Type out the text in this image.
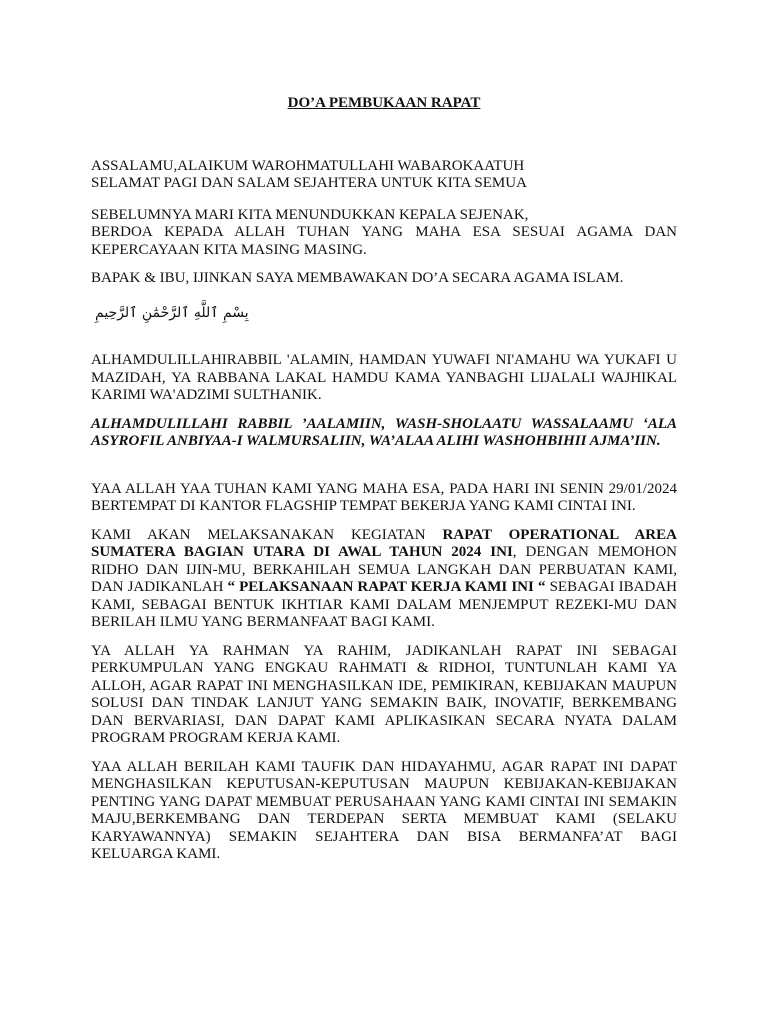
DO’A PEMBUKAAN RAPAT

ASSALAMU,ALAIKUM WAROHMATULLAHI WABAROKAATUH
SELAMAT PAGI DAN SALAM SEJAHTERA UNTUK KITA SEMUA

SEBELUMNYA MARI KITA MENUNDUKKAN KEPALA SEJENAK,
BERDOA KEPADA ALLAH TUHAN YANG MAHA ESA SESUAI AGAMA DAN KEPERCAYAAN KITA MASING MASING.

BAPAK & IBU, IJINKAN SAYA MEMBAWAKAN DO’A SECARA AGAMA ISLAM.

بِسْمِ ٱللَّهِ ٱلرَّحْمَٰنِ ٱلرَّحِيمِ

ALHAMDULILLAHIRABBIL 'ALAMIN, HAMDAN YUWAFI NI'AMAHU WA YUKAFI U MAZIDAH, YA RABBANA LAKAL HAMDU KAMA YANBAGHI LIJALALI WAJHIKAL KARIMI WA'ADZIMI SULTHANIK.

ALHAMDULILLAHI RABBIL ’AALAMIIN, WASH-SHOLAATU WASSALAAMU ‘ALA ASYROFIL ANBIYAA-I WALMURSALIIN, WA’ALAA ALIHI WASHOHBIHII AJMA’IIN.

YAA ALLAH YAA TUHAN KAMI YANG MAHA ESA, PADA HARI INI SENIN 29/01/2024 BERTEMPAT DI KANTOR FLAGSHIP TEMPAT BEKERJA YANG KAMI CINTAI INI.

KAMI AKAN MELAKSANAKAN KEGIATAN RAPAT OPERATIONAL AREA SUMATERA BAGIAN UTARA DI AWAL TAHUN 2024 INI, DENGAN MEMOHON RIDHO DAN IJIN-MU, BERKAHILAH SEMUA LANGKAH DAN PERBUATAN KAMI, DAN JADIKANLAH “ PELAKSANAAN RAPAT KERJA KAMI INI “ SEBAGAI IBADAH KAMI, SEBAGAI BENTUK IKHTIAR KAMI DALAM MENJEMPUT REZEKI-MU DAN BERILAH ILMU YANG BERMANFAAT BAGI KAMI.

YA ALLAH YA RAHMAN YA RAHIM, JADIKANLAH RAPAT INI SEBAGAI PERKUMPULAN YANG ENGKAU RAHMATI & RIDHOI, TUNTUNLAH KAMI YA ALLOH, AGAR RAPAT INI MENGHASILKAN IDE, PEMIKIRAN, KEBIJAKAN MAUPUN SOLUSI DAN TINDAK LANJUT YANG SEMAKIN BAIK, INOVATIF, BERKEMBANG DAN BERVARIASI, DAN DAPAT KAMI APLIKASIKAN SECARA NYATA DALAM PROGRAM PROGRAM KERJA KAMI.

YAA ALLAH BERILAH KAMI TAUFIK DAN HIDAYAHMU, AGAR RAPAT INI DAPAT MENGHASILKAN KEPUTUSAN-KEPUTUSAN MAUPUN KEBIJAKAN-KEBIJAKAN PENTING YANG DAPAT MEMBUAT PERUSAHAAN YANG KAMI CINTAI INI SEMAKIN MAJU,BERKEMBANG DAN TERDEPAN SERTA MEMBUAT KAMI (SELAKU KARYAWANNYA) SEMAKIN SEJAHTERA DAN BISA BERMANFA’AT BAGI KELUARGA KAMI.
